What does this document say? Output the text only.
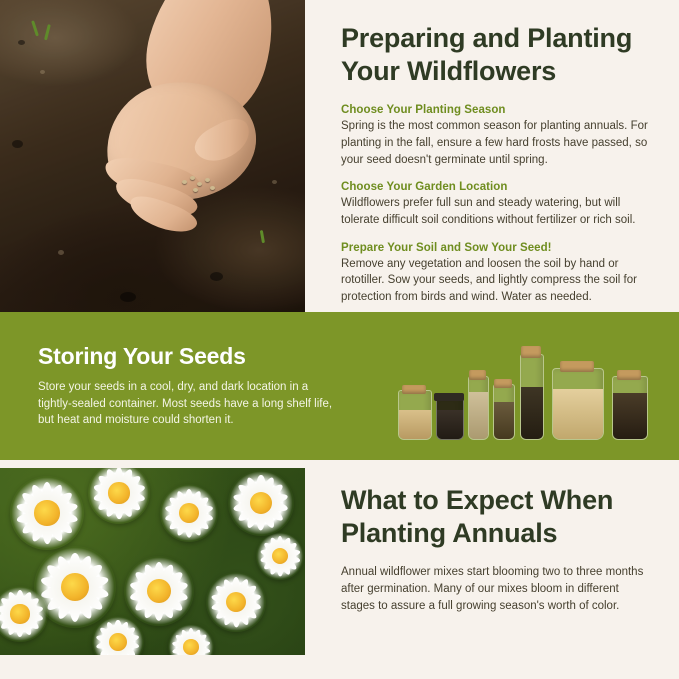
Preparing and Planting Your Wildflowers
Choose Your Planting Season

Spring is the most common season for planting annuals. For planting in the fall, ensure a few hard frosts have passed, so your seed doesn't germinate until spring.

Choose Your Garden Location

Wildflowers prefer full sun and steady watering, but will tolerate difficult soil conditions without fertilizer or rich soil.

Prepare Your Soil and Sow Your Seed!

Remove any vegetation and loosen the soil by hand or rototiller. Sow your seeds, and lightly compress the soil for protection from birds and wind. Water as needed.

Storing Your Seeds

Store your seeds in a cool, dry, and dark location in a tightly-sealed container. Most seeds have a long shelf life, but heat and moisture could shorten it.

What to Expect When Planting Annuals

Annual wildflower mixes start blooming two to three months after germination. Many of our mixes bloom in different stages to assure a full growing season's worth of color.
